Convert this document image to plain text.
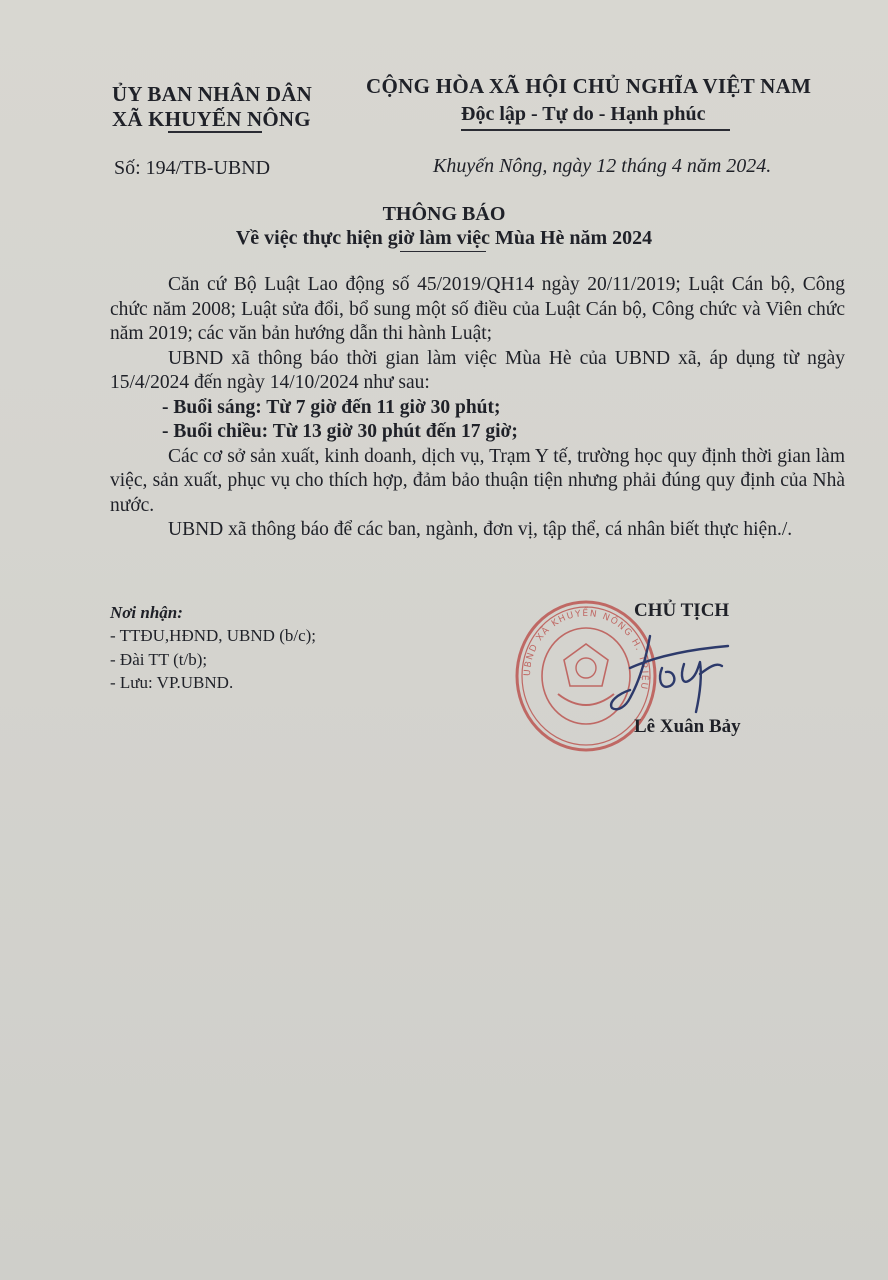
ỦY BAN NHÂN DÂN
XÃ KHUYẾN NÔNG
CỘNG HÒA XÃ HỘI CHỦ NGHĨA VIỆT NAM
Độc lập - Tự do - Hạnh phúc
Số: 194/TB-UBND	Khuyến Nông, ngày 12 tháng 4 năm 2024.
THÔNG BÁO
Về việc thực hiện giờ làm việc Mùa Hè năm 2024

Căn cứ Bộ Luật Lao động số 45/2019/QH14 ngày 20/11/2019; Luật Cán bộ, Công chức năm 2008; Luật sửa đổi, bổ sung một số điều của Luật Cán bộ, Công chức và Viên chức năm 2019; các văn bản hướng dẫn thi hành Luật;

UBND xã thông báo thời gian làm việc Mùa Hè của UBND xã, áp dụng từ ngày 15/4/2024 đến ngày 14/10/2024 như sau:

- Buổi sáng: Từ 7 giờ đến 11 giờ 30 phút;

- Buổi chiều: Từ 13 giờ 30 phút đến 17 giờ;

Các cơ sở sản xuất, kinh doanh, dịch vụ, Trạm Y tế, trường học quy định thời gian làm việc, sản xuất, phục vụ cho thích hợp, đảm bảo thuận tiện nhưng phải đúng quy định của Nhà nước.

UBND xã thông báo để các ban, ngành, đơn vị, tập thể, cá nhân biết thực hiện./.

Nơi nhận:
- TTĐU,HĐND, UBND (b/c);
- Đài TT (t/b);
- Lưu: VP.UBND.
UBND XÃ KHUYẾN NÔNG H. TRIỆU
CHỦ TỊCH
Lê Xuân Bảy
